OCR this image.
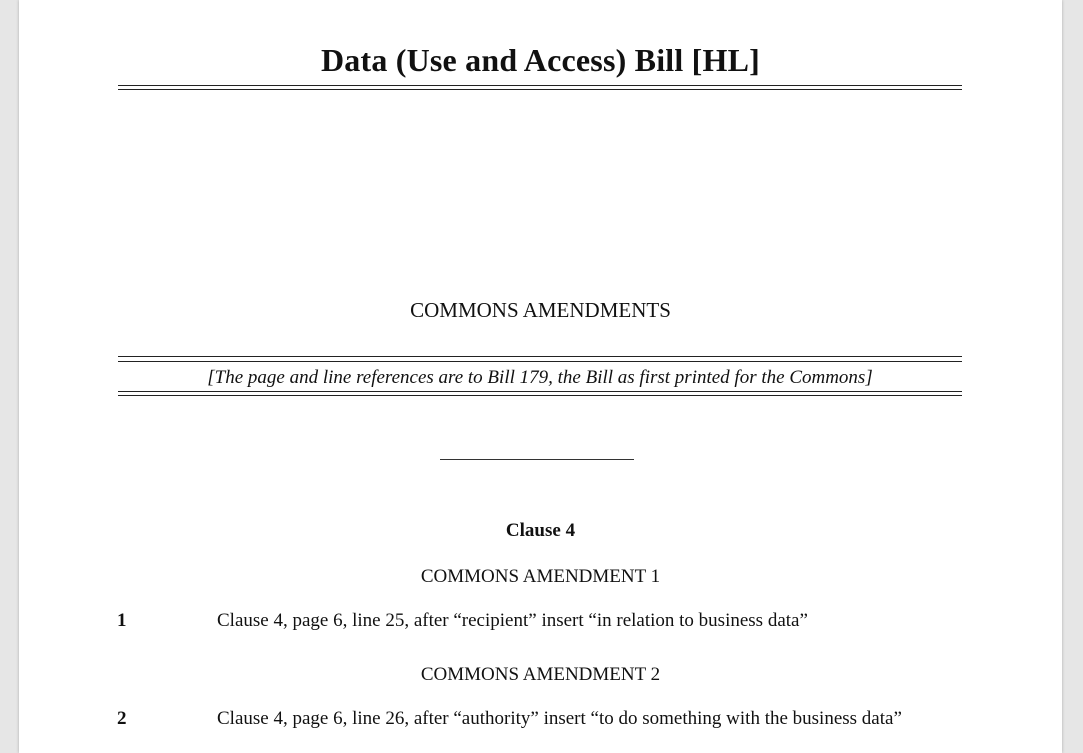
Data (Use and Access) Bill [HL]
COMMONS AMENDMENTS
[The page and line references are to Bill 179, the Bill as first printed for the Commons]
Clause 4
COMMONS AMENDMENT 1
1	Clause 4, page 6, line 25, after “recipient” insert “in relation to business data”
COMMONS AMENDMENT 2
2	Clause 4, page 6, line 26, after “authority” insert “to do something with the business data”
